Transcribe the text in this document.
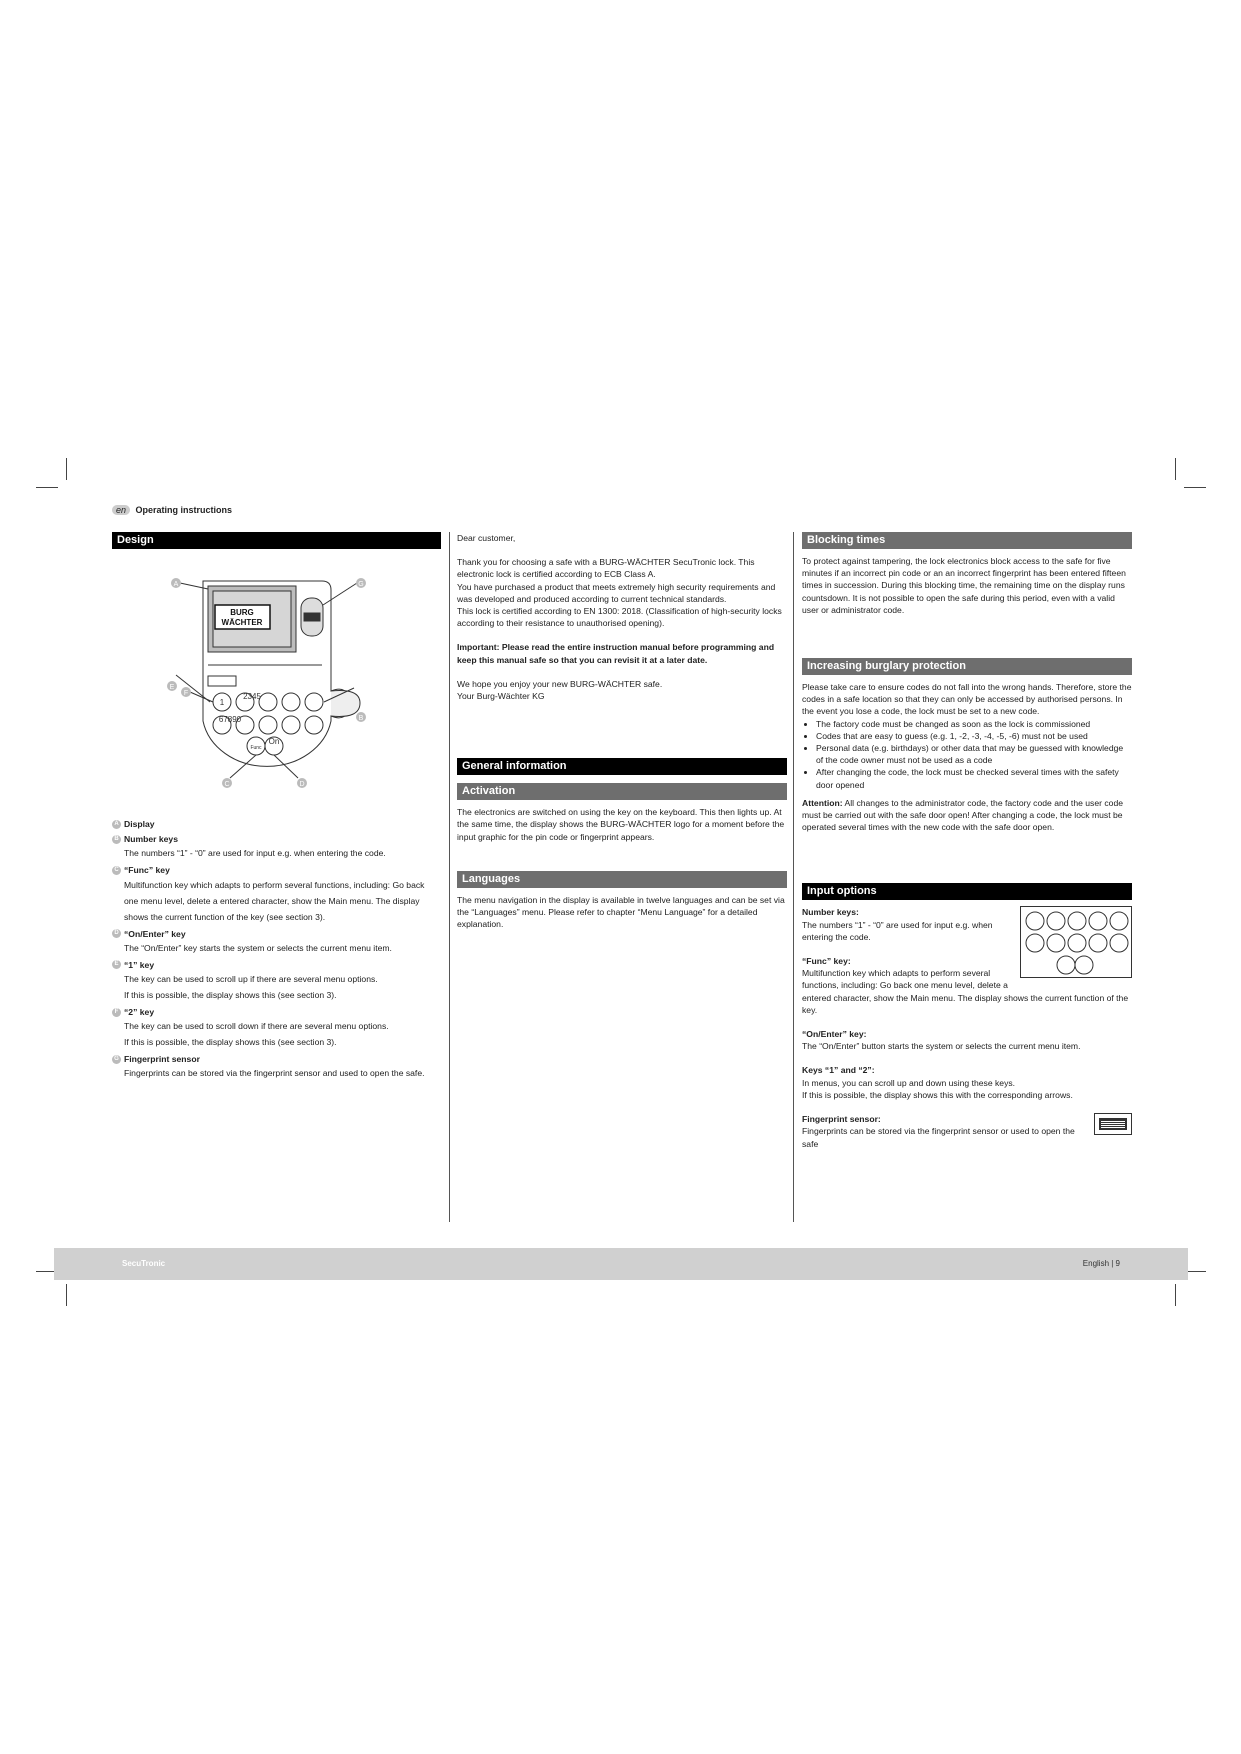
en Operating instructions
Design
BURG
WÄCHTER
1
2345
67890
On
Func
A
B
C	D
E
F
G
A Display
B Number keys
The numbers “1” - “0” are used for input e.g. when entering the code.
C “Func” key
Multifunction key which adapts to perform several functions, including: Go back one menu level, delete a entered character, show the Main menu. The display shows the current function of the key (see section 3).
D “On/Enter” key
The “On/Enter” key starts the system or selects the current menu item.
E “1” key
The key can be used to scroll up if there are several menu options.
If this is possible, the display shows this (see section 3).
F “2” key
The key can be used to scroll down if there are several menu options.
If this is possible, the display shows this (see section 3).
G Fingerprint sensor
Fingerprints can be stored via the fingerprint sensor and used to open the safe.

Dear customer,

Thank you for choosing a safe with a BURG-WÄCHTER SecuTronic lock. This electronic lock is certified according to ECB Class A.

You have purchased a product that meets extremely high security requirements and was developed and produced according to current technical standards.

This lock is certified according to EN 1300: 2018. (Classification of high-security locks according to their resistance to unauthorised opening).

Important: Please read the entire instruction manual before programming and keep this manual safe so that you can revisit it at a later date.

We hope you enjoy your new BURG-WÄCHTER safe.

Your Burg-Wächter KG

General information
Activation

The electronics are switched on using the key on the keyboard. This then lights up. At the same time, the display shows the BURG-WÄCHTER logo for a moment before the input graphic for the pin code or fingerprint appears.

Languages

The menu navigation in the display is available in twelve languages and can be set via the “Languages” menu. Please refer to chapter “Menu Language” for a detailed explanation.

Blocking times

To protect against tampering, the lock electronics block access to the safe for five minutes if an incorrect pin code or an an incorrect fingerprint has been entered fifteen times in succession. During this blocking time, the remaining time on the display runs countsdown. It is not possible to open the safe during this period, even with a valid user or administrator code.

Increasing burglary protection

Please take care to ensure codes do not fall into the wrong hands. Therefore, store the codes in a safe location so that they can only be accessed by authorised persons. In the event you lose a code, the lock must be set to a new code.

• The factory code must be changed as soon as the lock is commissioned
• Codes that are easy to guess (e.g. 1, -2, -3, -4, -5, -6) must not be used
• Personal data (e.g. birthdays) or other data that may be guessed with knowledge of the code owner must not be used as a code
• After changing the code, the lock must be checked several times with the safety door opened

Attention: All changes to the administrator code, the factory code and the user code must be carried out with the safe door open! After changing a code, the lock must be operated several times with the new code with the safe door open.

Input options
Number keys:

The numbers “1” - “0” are used for input e.g. when entering the code.

“Func” key:

Multifunction key which adapts to perform several functions, including: Go back one menu level, delete a entered character, show the Main menu. The display shows the current function of the key.

“On/Enter” key:

The “On/Enter” button starts the system or selects the current menu item.

Keys “1” and “2”:

In menus, you can scroll up and down using these keys.

If this is possible, the display shows this with the corresponding arrows.

Fingerprint sensor:

Fingerprints can be stored via the fingerprint sensor or used to open the safe

SecuTronic	English | 9
